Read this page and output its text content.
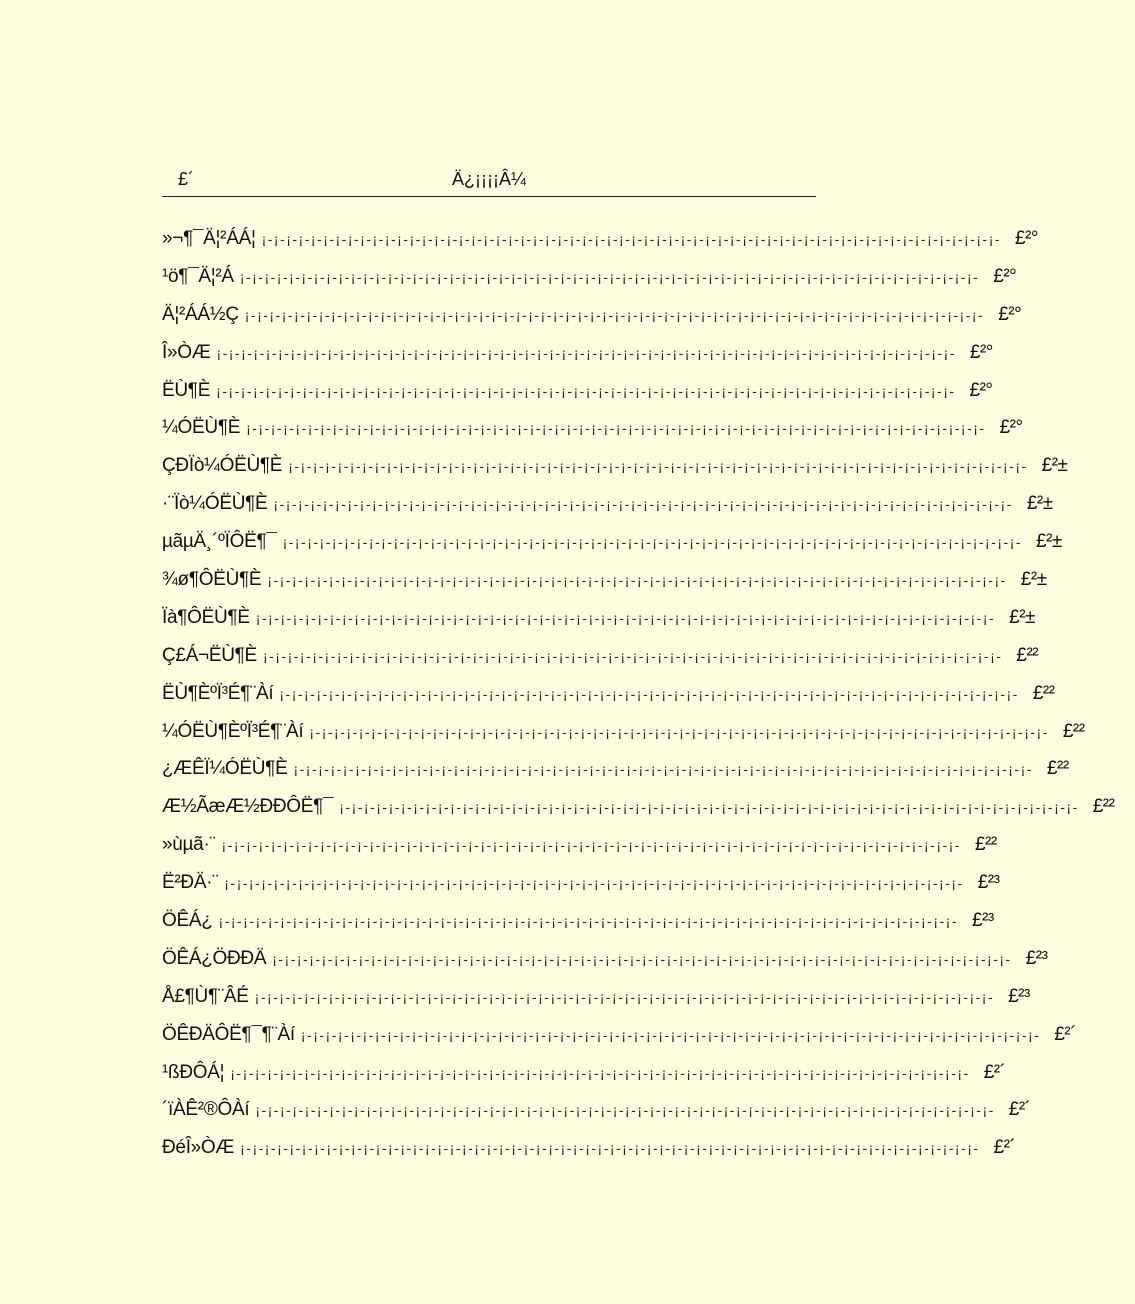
£´	Ä¿¡¡¡¡Â¼
»¬¶¯Ä¦²ÁÁ¦ ¡-¡-¡-¡-¡-¡-¡-¡-¡-¡-¡-¡-¡-¡-¡-¡-¡-¡-¡-¡-¡-¡-¡-¡-¡-¡-¡-¡-¡-¡-¡-¡-¡-¡-¡-¡-¡-¡-¡-¡-¡-¡-¡-¡-¡-¡-¡-¡-¡-¡-¡-¡-¡-¡-¡-¡-¡-¡-¡-¡- £²°
¹ö¶¯Ä¦²Á ¡-¡-¡-¡-¡-¡-¡-¡-¡-¡-¡-¡-¡-¡-¡-¡-¡-¡-¡-¡-¡-¡-¡-¡-¡-¡-¡-¡-¡-¡-¡-¡-¡-¡-¡-¡-¡-¡-¡-¡-¡-¡-¡-¡-¡-¡-¡-¡-¡-¡-¡-¡-¡-¡-¡-¡-¡-¡-¡-¡- £²°
Ä¦²ÁÁ½Ç ¡-¡-¡-¡-¡-¡-¡-¡-¡-¡-¡-¡-¡-¡-¡-¡-¡-¡-¡-¡-¡-¡-¡-¡-¡-¡-¡-¡-¡-¡-¡-¡-¡-¡-¡-¡-¡-¡-¡-¡-¡-¡-¡-¡-¡-¡-¡-¡-¡-¡-¡-¡-¡-¡-¡-¡-¡-¡-¡-¡- £²°
Î»ÒÆ ¡-¡-¡-¡-¡-¡-¡-¡-¡-¡-¡-¡-¡-¡-¡-¡-¡-¡-¡-¡-¡-¡-¡-¡-¡-¡-¡-¡-¡-¡-¡-¡-¡-¡-¡-¡-¡-¡-¡-¡-¡-¡-¡-¡-¡-¡-¡-¡-¡-¡-¡-¡-¡-¡-¡-¡-¡-¡-¡-¡- £²°
ËÙ¶È ¡-¡-¡-¡-¡-¡-¡-¡-¡-¡-¡-¡-¡-¡-¡-¡-¡-¡-¡-¡-¡-¡-¡-¡-¡-¡-¡-¡-¡-¡-¡-¡-¡-¡-¡-¡-¡-¡-¡-¡-¡-¡-¡-¡-¡-¡-¡-¡-¡-¡-¡-¡-¡-¡-¡-¡-¡-¡-¡-¡- £²°
¼ÓËÙ¶È ¡-¡-¡-¡-¡-¡-¡-¡-¡-¡-¡-¡-¡-¡-¡-¡-¡-¡-¡-¡-¡-¡-¡-¡-¡-¡-¡-¡-¡-¡-¡-¡-¡-¡-¡-¡-¡-¡-¡-¡-¡-¡-¡-¡-¡-¡-¡-¡-¡-¡-¡-¡-¡-¡-¡-¡-¡-¡-¡-¡- £²°
ÇÐÏò¼ÓËÙ¶È ¡-¡-¡-¡-¡-¡-¡-¡-¡-¡-¡-¡-¡-¡-¡-¡-¡-¡-¡-¡-¡-¡-¡-¡-¡-¡-¡-¡-¡-¡-¡-¡-¡-¡-¡-¡-¡-¡-¡-¡-¡-¡-¡-¡-¡-¡-¡-¡-¡-¡-¡-¡-¡-¡-¡-¡-¡-¡-¡-¡- £²±
·¨Ïò¼ÓËÙ¶È ¡-¡-¡-¡-¡-¡-¡-¡-¡-¡-¡-¡-¡-¡-¡-¡-¡-¡-¡-¡-¡-¡-¡-¡-¡-¡-¡-¡-¡-¡-¡-¡-¡-¡-¡-¡-¡-¡-¡-¡-¡-¡-¡-¡-¡-¡-¡-¡-¡-¡-¡-¡-¡-¡-¡-¡-¡-¡-¡-¡- £²±
µãµÄ¸´ºÏÔË¶¯ ¡-¡-¡-¡-¡-¡-¡-¡-¡-¡-¡-¡-¡-¡-¡-¡-¡-¡-¡-¡-¡-¡-¡-¡-¡-¡-¡-¡-¡-¡-¡-¡-¡-¡-¡-¡-¡-¡-¡-¡-¡-¡-¡-¡-¡-¡-¡-¡-¡-¡-¡-¡-¡-¡-¡-¡-¡-¡-¡-¡- £²±
¾ø¶ÔËÙ¶È ¡-¡-¡-¡-¡-¡-¡-¡-¡-¡-¡-¡-¡-¡-¡-¡-¡-¡-¡-¡-¡-¡-¡-¡-¡-¡-¡-¡-¡-¡-¡-¡-¡-¡-¡-¡-¡-¡-¡-¡-¡-¡-¡-¡-¡-¡-¡-¡-¡-¡-¡-¡-¡-¡-¡-¡-¡-¡-¡-¡- £²±
Ïà¶ÔËÙ¶È ¡-¡-¡-¡-¡-¡-¡-¡-¡-¡-¡-¡-¡-¡-¡-¡-¡-¡-¡-¡-¡-¡-¡-¡-¡-¡-¡-¡-¡-¡-¡-¡-¡-¡-¡-¡-¡-¡-¡-¡-¡-¡-¡-¡-¡-¡-¡-¡-¡-¡-¡-¡-¡-¡-¡-¡-¡-¡-¡-¡- £²±
Ç£Á¬ËÙ¶È ¡-¡-¡-¡-¡-¡-¡-¡-¡-¡-¡-¡-¡-¡-¡-¡-¡-¡-¡-¡-¡-¡-¡-¡-¡-¡-¡-¡-¡-¡-¡-¡-¡-¡-¡-¡-¡-¡-¡-¡-¡-¡-¡-¡-¡-¡-¡-¡-¡-¡-¡-¡-¡-¡-¡-¡-¡-¡-¡-¡- £²²
ËÙ¶ÈºÏ³É¶¨Àí ¡-¡-¡-¡-¡-¡-¡-¡-¡-¡-¡-¡-¡-¡-¡-¡-¡-¡-¡-¡-¡-¡-¡-¡-¡-¡-¡-¡-¡-¡-¡-¡-¡-¡-¡-¡-¡-¡-¡-¡-¡-¡-¡-¡-¡-¡-¡-¡-¡-¡-¡-¡-¡-¡-¡-¡-¡-¡-¡-¡- £²²
¼ÓËÙ¶ÈºÏ³É¶¨Àí ¡-¡-¡-¡-¡-¡-¡-¡-¡-¡-¡-¡-¡-¡-¡-¡-¡-¡-¡-¡-¡-¡-¡-¡-¡-¡-¡-¡-¡-¡-¡-¡-¡-¡-¡-¡-¡-¡-¡-¡-¡-¡-¡-¡-¡-¡-¡-¡-¡-¡-¡-¡-¡-¡-¡-¡-¡-¡-¡-¡- £²²
¿ÆÊÏ¼ÓËÙ¶È ¡-¡-¡-¡-¡-¡-¡-¡-¡-¡-¡-¡-¡-¡-¡-¡-¡-¡-¡-¡-¡-¡-¡-¡-¡-¡-¡-¡-¡-¡-¡-¡-¡-¡-¡-¡-¡-¡-¡-¡-¡-¡-¡-¡-¡-¡-¡-¡-¡-¡-¡-¡-¡-¡-¡-¡-¡-¡-¡-¡- £²²
Æ½ÃæÆ½ÐÐÔË¶¯ ¡-¡-¡-¡-¡-¡-¡-¡-¡-¡-¡-¡-¡-¡-¡-¡-¡-¡-¡-¡-¡-¡-¡-¡-¡-¡-¡-¡-¡-¡-¡-¡-¡-¡-¡-¡-¡-¡-¡-¡-¡-¡-¡-¡-¡-¡-¡-¡-¡-¡-¡-¡-¡-¡-¡-¡-¡-¡-¡-¡- £²²
»ùµã·¨ ¡-¡-¡-¡-¡-¡-¡-¡-¡-¡-¡-¡-¡-¡-¡-¡-¡-¡-¡-¡-¡-¡-¡-¡-¡-¡-¡-¡-¡-¡-¡-¡-¡-¡-¡-¡-¡-¡-¡-¡-¡-¡-¡-¡-¡-¡-¡-¡-¡-¡-¡-¡-¡-¡-¡-¡-¡-¡-¡-¡- £²²
Ë²ÐÄ·¨ ¡-¡-¡-¡-¡-¡-¡-¡-¡-¡-¡-¡-¡-¡-¡-¡-¡-¡-¡-¡-¡-¡-¡-¡-¡-¡-¡-¡-¡-¡-¡-¡-¡-¡-¡-¡-¡-¡-¡-¡-¡-¡-¡-¡-¡-¡-¡-¡-¡-¡-¡-¡-¡-¡-¡-¡-¡-¡-¡-¡- £²³
ÖÊÁ¿ ¡-¡-¡-¡-¡-¡-¡-¡-¡-¡-¡-¡-¡-¡-¡-¡-¡-¡-¡-¡-¡-¡-¡-¡-¡-¡-¡-¡-¡-¡-¡-¡-¡-¡-¡-¡-¡-¡-¡-¡-¡-¡-¡-¡-¡-¡-¡-¡-¡-¡-¡-¡-¡-¡-¡-¡-¡-¡-¡-¡- £²³
ÖÊÁ¿ÖÐÐÄ ¡-¡-¡-¡-¡-¡-¡-¡-¡-¡-¡-¡-¡-¡-¡-¡-¡-¡-¡-¡-¡-¡-¡-¡-¡-¡-¡-¡-¡-¡-¡-¡-¡-¡-¡-¡-¡-¡-¡-¡-¡-¡-¡-¡-¡-¡-¡-¡-¡-¡-¡-¡-¡-¡-¡-¡-¡-¡-¡-¡- £²³
Å£¶Ù¶¨ÂÉ ¡-¡-¡-¡-¡-¡-¡-¡-¡-¡-¡-¡-¡-¡-¡-¡-¡-¡-¡-¡-¡-¡-¡-¡-¡-¡-¡-¡-¡-¡-¡-¡-¡-¡-¡-¡-¡-¡-¡-¡-¡-¡-¡-¡-¡-¡-¡-¡-¡-¡-¡-¡-¡-¡-¡-¡-¡-¡-¡-¡- £²³
ÖÊÐÄÔË¶¯¶¨Àí ¡-¡-¡-¡-¡-¡-¡-¡-¡-¡-¡-¡-¡-¡-¡-¡-¡-¡-¡-¡-¡-¡-¡-¡-¡-¡-¡-¡-¡-¡-¡-¡-¡-¡-¡-¡-¡-¡-¡-¡-¡-¡-¡-¡-¡-¡-¡-¡-¡-¡-¡-¡-¡-¡-¡-¡-¡-¡-¡-¡- £²´
¹ßÐÔÁ¦ ¡-¡-¡-¡-¡-¡-¡-¡-¡-¡-¡-¡-¡-¡-¡-¡-¡-¡-¡-¡-¡-¡-¡-¡-¡-¡-¡-¡-¡-¡-¡-¡-¡-¡-¡-¡-¡-¡-¡-¡-¡-¡-¡-¡-¡-¡-¡-¡-¡-¡-¡-¡-¡-¡-¡-¡-¡-¡-¡-¡- £²´
´ïÀÊ²®ÔÀí ¡-¡-¡-¡-¡-¡-¡-¡-¡-¡-¡-¡-¡-¡-¡-¡-¡-¡-¡-¡-¡-¡-¡-¡-¡-¡-¡-¡-¡-¡-¡-¡-¡-¡-¡-¡-¡-¡-¡-¡-¡-¡-¡-¡-¡-¡-¡-¡-¡-¡-¡-¡-¡-¡-¡-¡-¡-¡-¡-¡- £²´
ÐéÎ»ÒÆ ¡-¡-¡-¡-¡-¡-¡-¡-¡-¡-¡-¡-¡-¡-¡-¡-¡-¡-¡-¡-¡-¡-¡-¡-¡-¡-¡-¡-¡-¡-¡-¡-¡-¡-¡-¡-¡-¡-¡-¡-¡-¡-¡-¡-¡-¡-¡-¡-¡-¡-¡-¡-¡-¡-¡-¡-¡-¡-¡-¡- £²´
